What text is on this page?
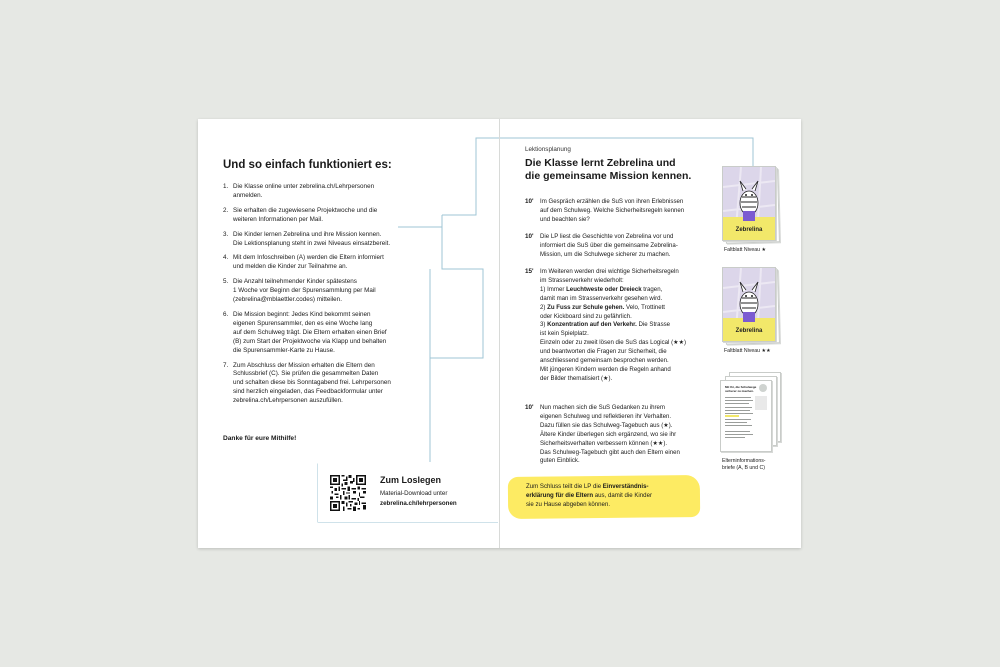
Und so einfach funktioniert es:
1. Die Klasse online unter zebrelina.ch/Lehrpersonen
anmelden.
2. Sie erhalten die zugewiesene Projektwoche und die
weiteren Informationen per Mail.
3. Die Kinder lernen Zebrelina und ihre Mission kennen.
Die Lektionsplanung steht in zwei Niveaus einsatzbereit.
4. Mit dem Infoschreiben (A) werden die Eltern informiert
und melden die Kinder zur Teilnahme an.
5. Die Anzahl teilnehmender Kinder spätestens
1 Woche vor Beginn der Spurensammlung per Mail
(zebrelina@mblaettler.codes) mitteilen.
6. Die Mission beginnt: Jedes Kind bekommt seinen
eigenen Spurensammler, den es eine Woche lang
auf dem Schulweg trägt. Die Eltern erhalten einen Brief
(B) zum Start der Projektwoche via Klapp und behalten
die Spurensammler-Karte zu Hause.
7. Zum Abschluss der Mission erhalten die Eltern den
Schlussbrief (C). Sie prüfen die gesammelten Daten
und schalten diese bis Sonntagabend frei. Lehrpersonen
sind herzlich eingeladen, das Feedbackformular unter
zebrelina.ch/Lehrpersonen auszufüllen.
Danke für eure Mithilfe!
Zum Loslegen
Material-Download unter
zebrelina.ch/lehrpersonen
Lektionsplanung
Die Klasse lernt Zebrelina und
die gemeinsame Mission kennen.
10' Im Gespräch erzählen die SuS von ihren Erlebnissen
auf dem Schulweg. Welche Sicherheitsregeln kennen
und beachten sie?
10' Die LP liest die Geschichte von Zebrelina vor und
informiert die SuS über die gemeinsame Zebrelina-
Mission, um die Schulwege sicherer zu machen.
15' Im Weiteren werden drei wichtige Sicherheitsregeln
im Strassenverkehr wiederholt:
1) Immer Leuchtweste oder Dreieck tragen,
damit man im Strassenverkehr gesehen wird.
2) Zu Fuss zur Schule gehen. Velo, Trottinett
oder Kickboard sind zu gefährlich.
3) Konzentration auf den Verkehr. Die Strasse
ist kein Spielplatz.
Einzeln oder zu zweit lösen die SuS das Logical (★★)
und beantworten die Fragen zur Sicherheit, die
anschliessend gemeinsam besprochen werden.
Mit jüngeren Kindern werden die Regeln anhand
der Bilder thematisiert (★).
10' Nun machen sich die SuS Gedanken zu ihrem
eigenen Schulweg und reflektieren ihr Verhalten.
Dazu füllen sie das Schulweg-Tagebuch aus (★).
Ältere Kinder überlegen sich ergänzend, wo sie ihr
Sicherheitsverhalten verbessern können (★★).
Das Schulweg-Tagebuch gibt auch den Eltern einen
guten Einblick.
Zum Schluss teilt die LP die Einverständnis-
erklärung für die Eltern aus, damit die Kinder
sie zu Hause abgeben können.
Zebrelina
Faltblatt Niveau ★
Zebrelina
Faltblatt Niveau ★★
Mit Ihr, die Schulwege
sicherer zu machen.
Elterninformations-
briefe (A, B und C)
